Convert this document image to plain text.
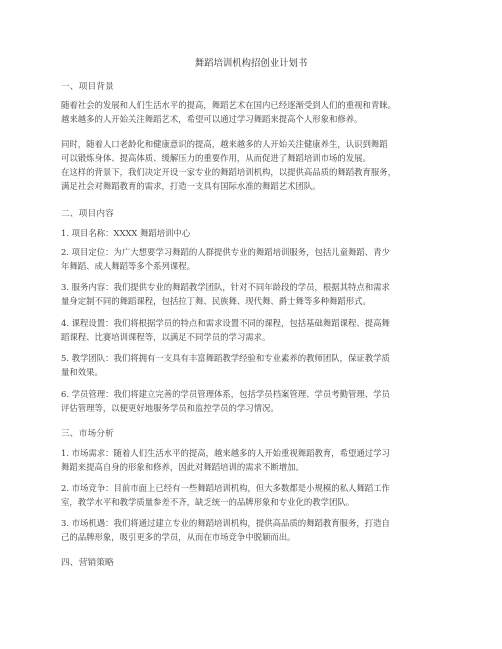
舞蹈培训机构招创业计划书
一、项目背景
随着社会的发展和人们生活水平的提高，舞蹈艺术在国内已经逐渐受到人们的重视和青睐。
越来越多的人开始关注舞蹈艺术，希望可以通过学习舞蹈来提高个人形象和修养。
同时，随着人口老龄化和健康意识的提高，越来越多的人开始关注健康养生，认识到舞蹈
可以锻炼身体、提高体质、缓解压力的重要作用，从而促进了舞蹈培训市场的发展。
在这样的背景下，我们决定开设一家专业的舞蹈培训机构，以提供高品质的舞蹈教育服务，
满足社会对舞蹈教育的需求，打造一支具有国际水准的舞蹈艺术团队。
二、项目内容
1. 项目名称：XXXX 舞蹈培训中心
2. 项目定位：为广大想要学习舞蹈的人群提供专业的舞蹈培训服务，包括儿童舞蹈、青少
年舞蹈、成人舞蹈等多个系列课程。
3. 服务内容：我们提供专业的舞蹈教学团队，针对不同年龄段的学员，根据其特点和需求
量身定制不同的舞蹈课程，包括拉丁舞、民族舞、现代舞、爵士舞等多种舞蹈形式。
4. 课程设置：我们将根据学员的特点和需求设置不同的课程，包括基础舞蹈课程、提高舞
蹈课程、比赛培训课程等，以满足不同学员的学习需求。
5. 教学团队：我们将拥有一支具有丰富舞蹈教学经验和专业素养的教师团队，保证教学质
量和效果。
6. 学员管理：我们将建立完善的学员管理体系，包括学员档案管理、学员考勤管理、学员
评估管理等，以便更好地服务学员和监控学员的学习情况。
三、市场分析
1. 市场需求：随着人们生活水平的提高，越来越多的人开始重视舞蹈教育，希望通过学习
舞蹈来提高自身的形象和修养，因此对舞蹈培训的需求不断增加。
2. 市场竞争：目前市面上已经有一些舞蹈培训机构，但大多数都是小规模的私人舞蹈工作
室，教学水平和教学质量参差不齐，缺乏统一的品牌形象和专业化的教学团队。
3. 市场机遇：我们将通过建立专业的舞蹈培训机构，提供高品质的舞蹈教育服务，打造自
己的品牌形象，吸引更多的学员，从而在市场竞争中脱颖而出。
四、营销策略
